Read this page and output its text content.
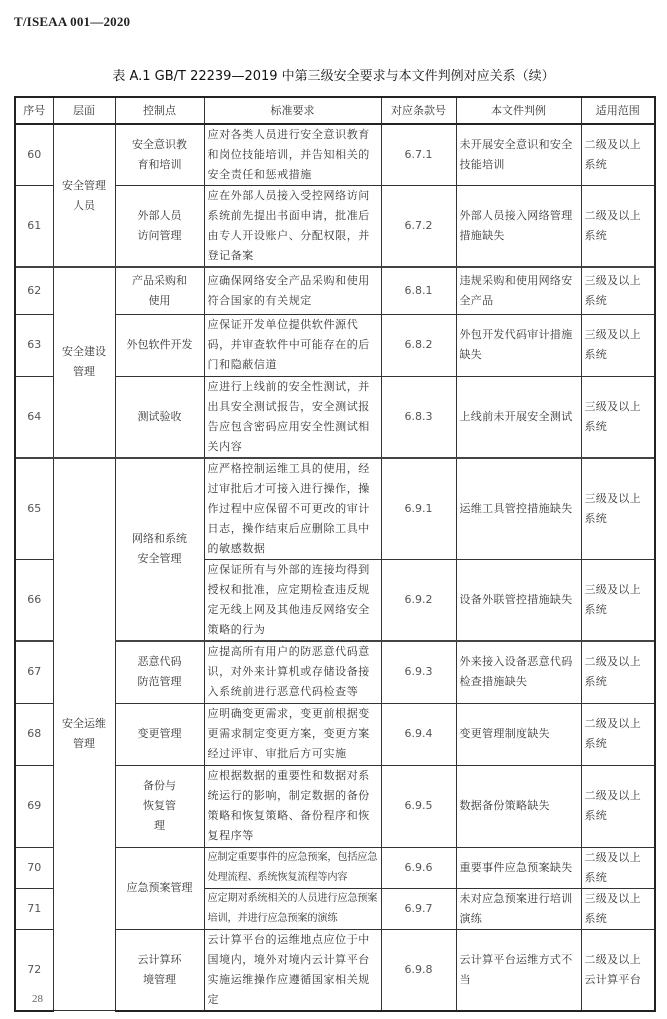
T/ISEAA 001—2020
表 A.1 GB/T 22239—2019 中第三级安全要求与本文件判例对应关系（续）
序号	层面	控制点	标准要求	对应条款号	本文件判例	适用范围
60	安全管理人员	安全意识教育和培训	应对各类人员进行安全意识教育和岗位技能培训，并告知相关的安全责任和惩戒措施	6.7.1	未开展安全意识和安全技能培训	二级及以上系统
61		外部人员访问管理	应在外部人员接入受控网络访问系统前先提出书面申请，批准后由专人开设账户、分配权限，并登记备案	6.7.2	外部人员接入网络管理措施缺失	二级及以上系统
62	安全建设管理	产品采购和使用	应确保网络安全产品采购和使用符合国家的有关规定	6.8.1	违规采购和使用网络安全产品	三级及以上系统
63		外包软件开发	应保证开发单位提供软件源代码，并审查软件中可能存在的后门和隐蔽信道	6.8.2	外包开发代码审计措施缺失	三级及以上系统
64		测试验收	应进行上线前的安全性测试，并出具安全测试报告，安全测试报告应包含密码应用安全性测试相关内容	6.8.3	上线前未开展安全测试	三级及以上系统
65	安全运维管理	网络和系统安全管理	应严格控制运维工具的使用，经过审批后才可接入进行操作，操作过程中应保留不可更改的审计日志，操作结束后应删除工具中的敏感数据	6.9.1	运维工具管控措施缺失	三级及以上系统
66			应保证所有与外部的连接均得到授权和批准，应定期检查违反规定无线上网及其他违反网络安全策略的行为	6.9.2	设备外联管控措施缺失	三级及以上系统
67		恶意代码防范管理	应提高所有用户的防恶意代码意识，对外来计算机或存储设备接入系统前进行恶意代码检查等	6.9.3	外来接入设备恶意代码检查措施缺失	二级及以上系统
68		变更管理	应明确变更需求，变更前根据变更需求制定变更方案，变更方案经过评审、审批后方可实施	6.9.4	变更管理制度缺失	二级及以上系统
69		备份与恢复管理	应根据数据的重要性和数据对系统运行的影响，制定数据的备份策略和恢复策略、备份程序和恢复程序等	6.9.5	数据备份策略缺失	二级及以上系统
70		应急预案管理	应制定重要事件的应急预案，包括应急处理流程、系统恢复流程等内容	6.9.6	重要事件应急预案缺失	二级及以上系统
71			应定期对系统相关的人员进行应急预案培训，并进行应急预案的演练	6.9.7	未对应急预案进行培训演练	三级及以上系统
72		云计算环境管理	云计算平台的运维地点应位于中国境内，境外对境内云计算平台实施运维操作应遵循国家相关规定	6.9.8	云计算平台运维方式不当	二级及以上云计算平台
28
